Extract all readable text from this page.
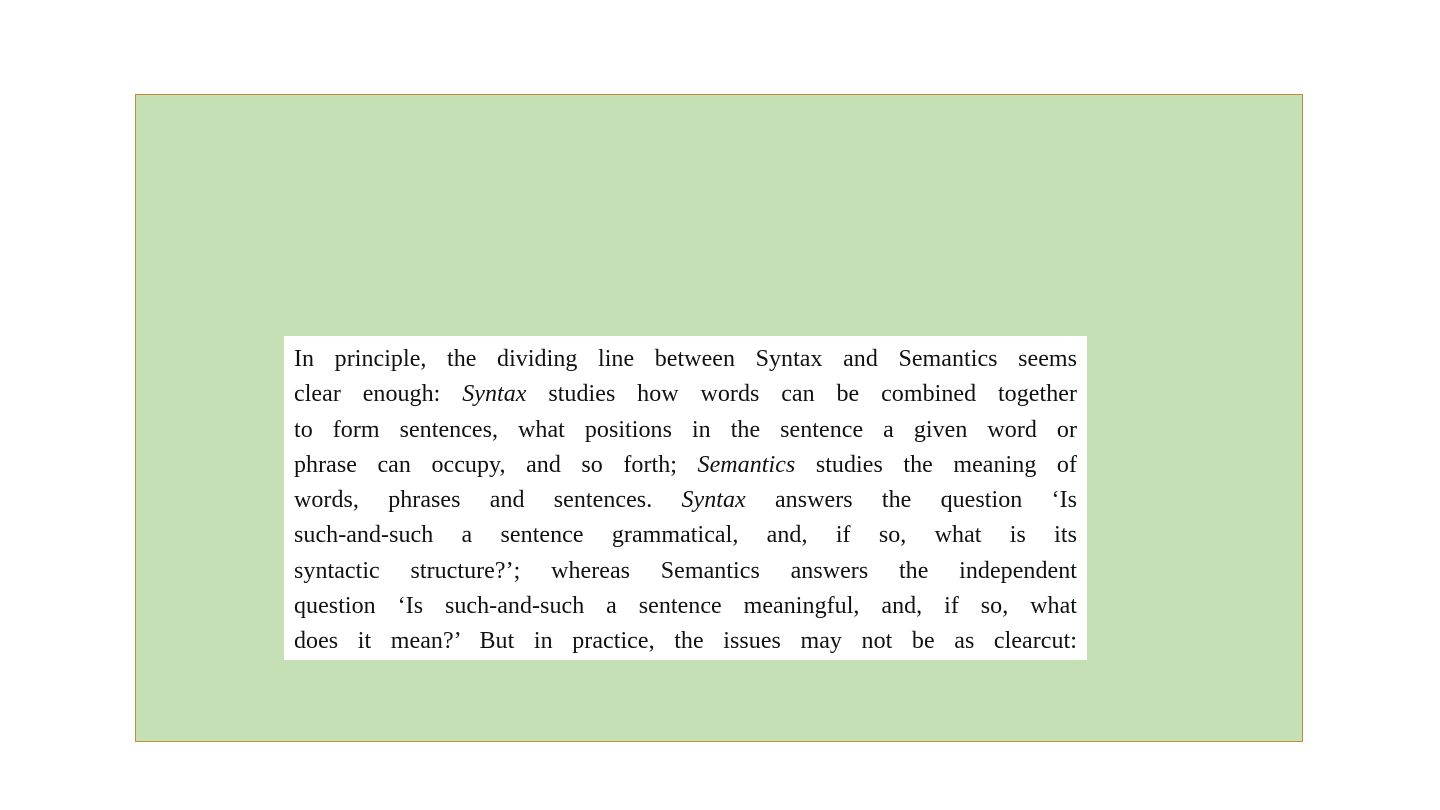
In principle, the dividing line between Syntax and Semantics seems
clear enough: Syntax studies how words can be combined together
to form sentences, what positions in the sentence a given word or
phrase can occupy, and so forth; Semantics studies the meaning of
words, phrases and sentences. Syntax answers the question ‘Is
such-and-such a sentence grammatical, and, if so, what is its
syntactic structure?’; whereas Semantics answers the independent
question ‘Is such-and-such a sentence meaningful, and, if so, what
does it mean?’ But in practice, the issues may not be as clearcut:
